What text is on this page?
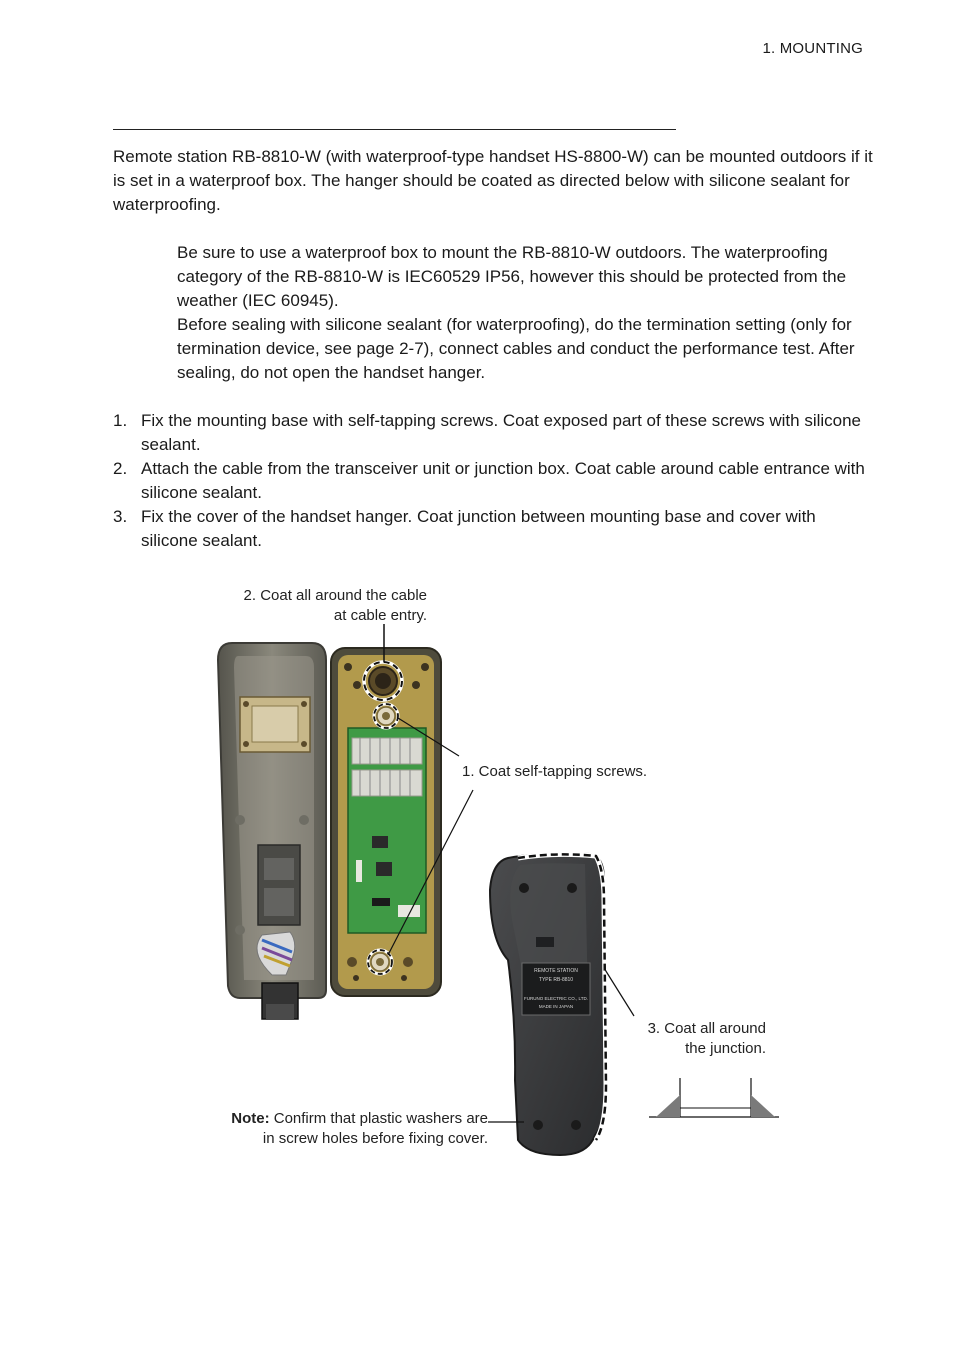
1. MOUNTING
Remote station RB-8810-W (with waterproof-type handset HS-8800-W) can be mounted outdoors if it is set in a waterproof box. The hanger should be coated as directed below with silicone sealant for waterproofing.
Be sure to use a waterproof box to mount the RB-8810-W outdoors. The waterproofing category of the RB-8810-W is IEC60529 IP56, however this should be protected from the weather (IEC 60945).
Before sealing with silicone sealant (for waterproofing), do the termination setting (only for termination device, see page 2-7), connect cables and conduct the performance test. After sealing, do not open the handset hanger.
1. Fix the mounting base with self-tapping screws. Coat exposed part of these screws with silicone sealant.
2. Attach the cable from the transceiver unit or junction box. Coat cable around cable entrance with silicone sealant.
3. Fix the cover of the handset hanger. Coat junction between mounting base and cover with silicone sealant.
REMOTE STATION
TYPE RB-8810
FURUNO ELECTRIC CO., LTD.
MADE IN JAPAN
2. Coat all around the cable
at cable entry.
1. Coat self-tapping screws.
3. Coat all around
the junction.
Note: Confirm that plastic washers are
in screw holes before fixing cover.
